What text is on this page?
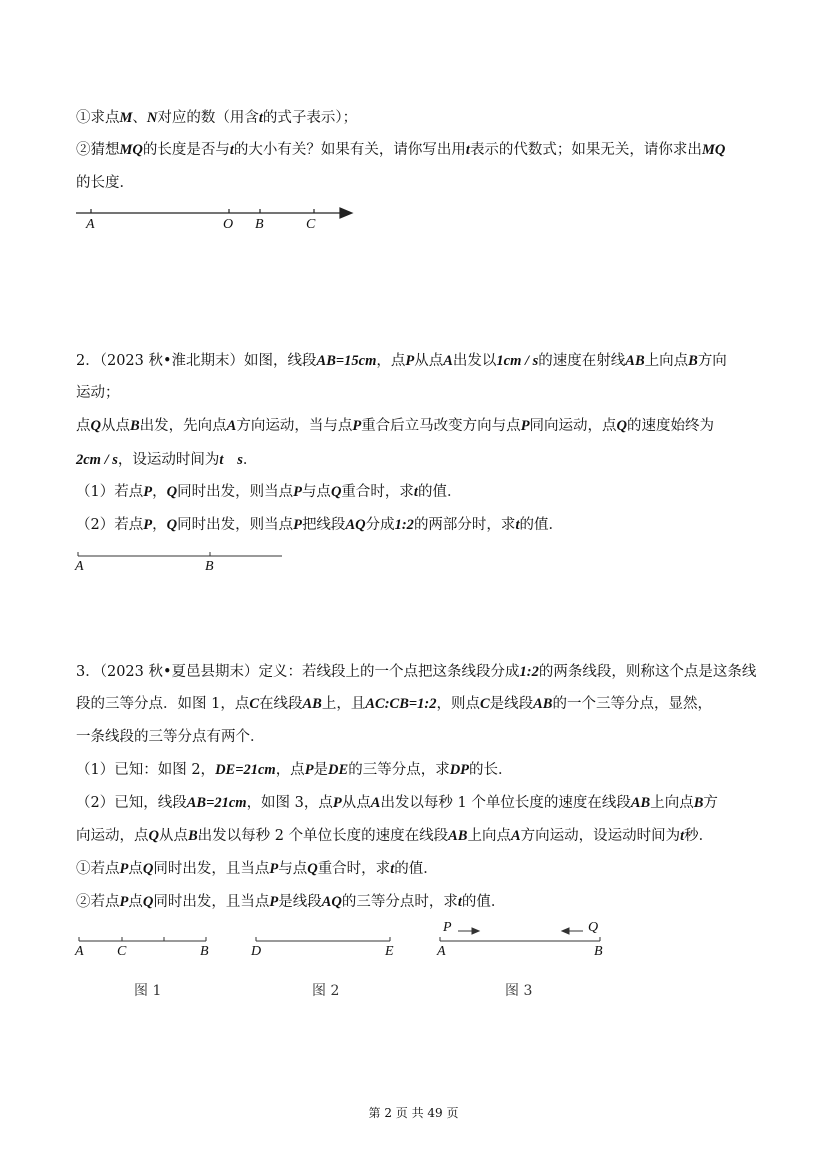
①求点M、N对应的数（用含t的式子表示）；
②猜想MQ的长度是否与t的大小有关？如果有关，请你写出用t表示的代数式；如果无关，请你求出MQ
的长度．
A	O B	C
2．（2023 秋•淮北期末）如图，线段AB=15cm，点P从点A出发以1cm / s的速度在射线AB上向点B方向
运动；
点Q从点B出发，先向点A方向运动，当与点P重合后立马改变方向与点P同向运动，点Q的速度始终为
2cm / s，设运动时间为t s．
（1）若点P，Q同时出发，则当点P与点Q重合时，求t的值．
（2）若点P，Q同时出发，则当点P把线段AQ分成1:2的两部分时，求t的值．
A	B
3．（2023 秋•夏邑县期末）定义：若线段上的一个点把这条线段分成1:2的两条线段，则称这个点是这条线
段的三等分点．如图 1，点C在线段AB上，且AC:CB=1:2，则点C是线段AB的一个三等分点，显然，
一条线段的三等分点有两个．
（1）已知：如图 2，DE=21cm，点P是DE的三等分点，求DP的长．
（2）已知，线段AB=21cm，如图 3，点P从点A出发以每秒 1 个单位长度的速度在线段AB上向点B方
向运动，点Q从点B出发以每秒 2 个单位长度的速度在线段AB上向点A方向运动，设运动时间为t秒．
①若点P点Q同时出发，且当点P与点Q重合时，求t的值．
②若点P点Q同时出发，且当点P是线段AQ的三等分点时，求t的值．
A C	B	D	E
P	Q
A	B
图 1	图 2	图 3
第 2 页 共 49 页
